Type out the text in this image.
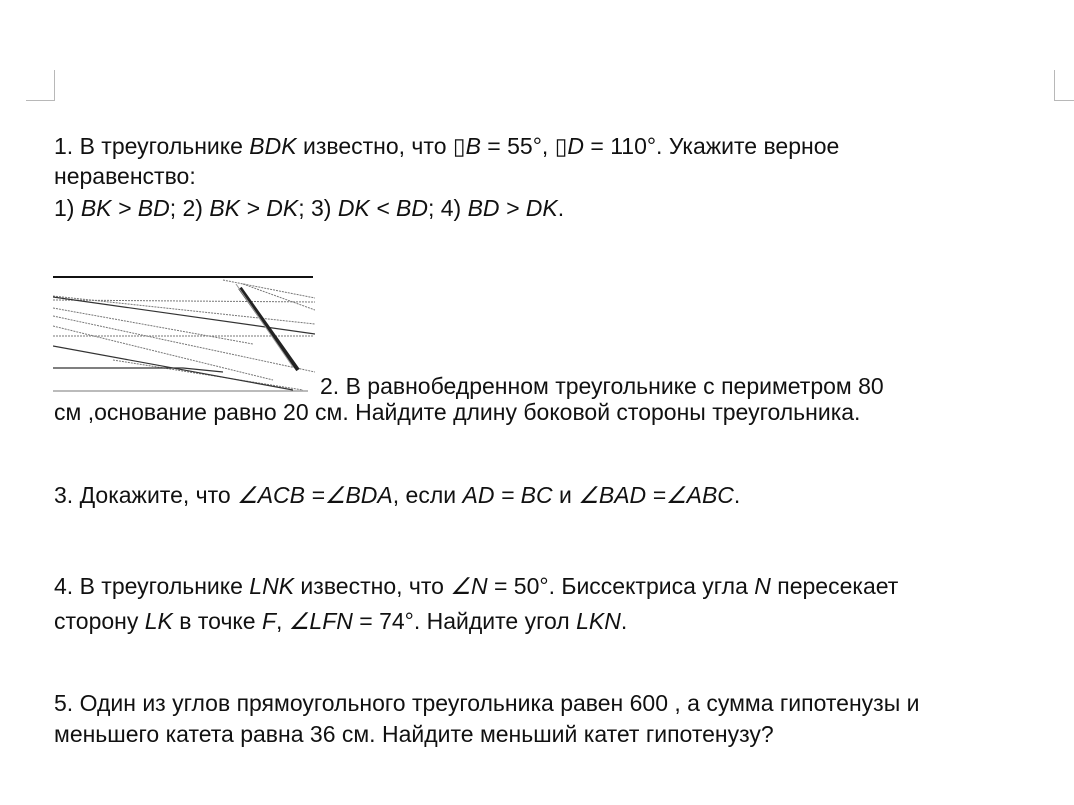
1. В треугольнике BDK известно, что ▯B = 55°, ▯D = 110°. Укажите верное
неравенство:
1) BK > BD; 2) BK > DK; 3) DK < BD; 4) BD > DK.
2. В равнобедренном треугольнике с периметром 80
см ,основание равно 20 см. Найдите длину боковой стороны треугольника.
3. Докажите, что ∠ACB =∠BDA, если AD = BC и ∠BAD =∠ABC.
4. В треугольнике LNK известно, что ∠N = 50°. Биссектриса угла N пересекает
сторону LK в точке F, ∠LFN = 74°. Найдите угол LKN.
5. Один из углов прямоугольного треугольника равен 600 , а сумма гипотенузы и
меньшего катета равна 36 см. Найдите меньший катет гипотенузу?
